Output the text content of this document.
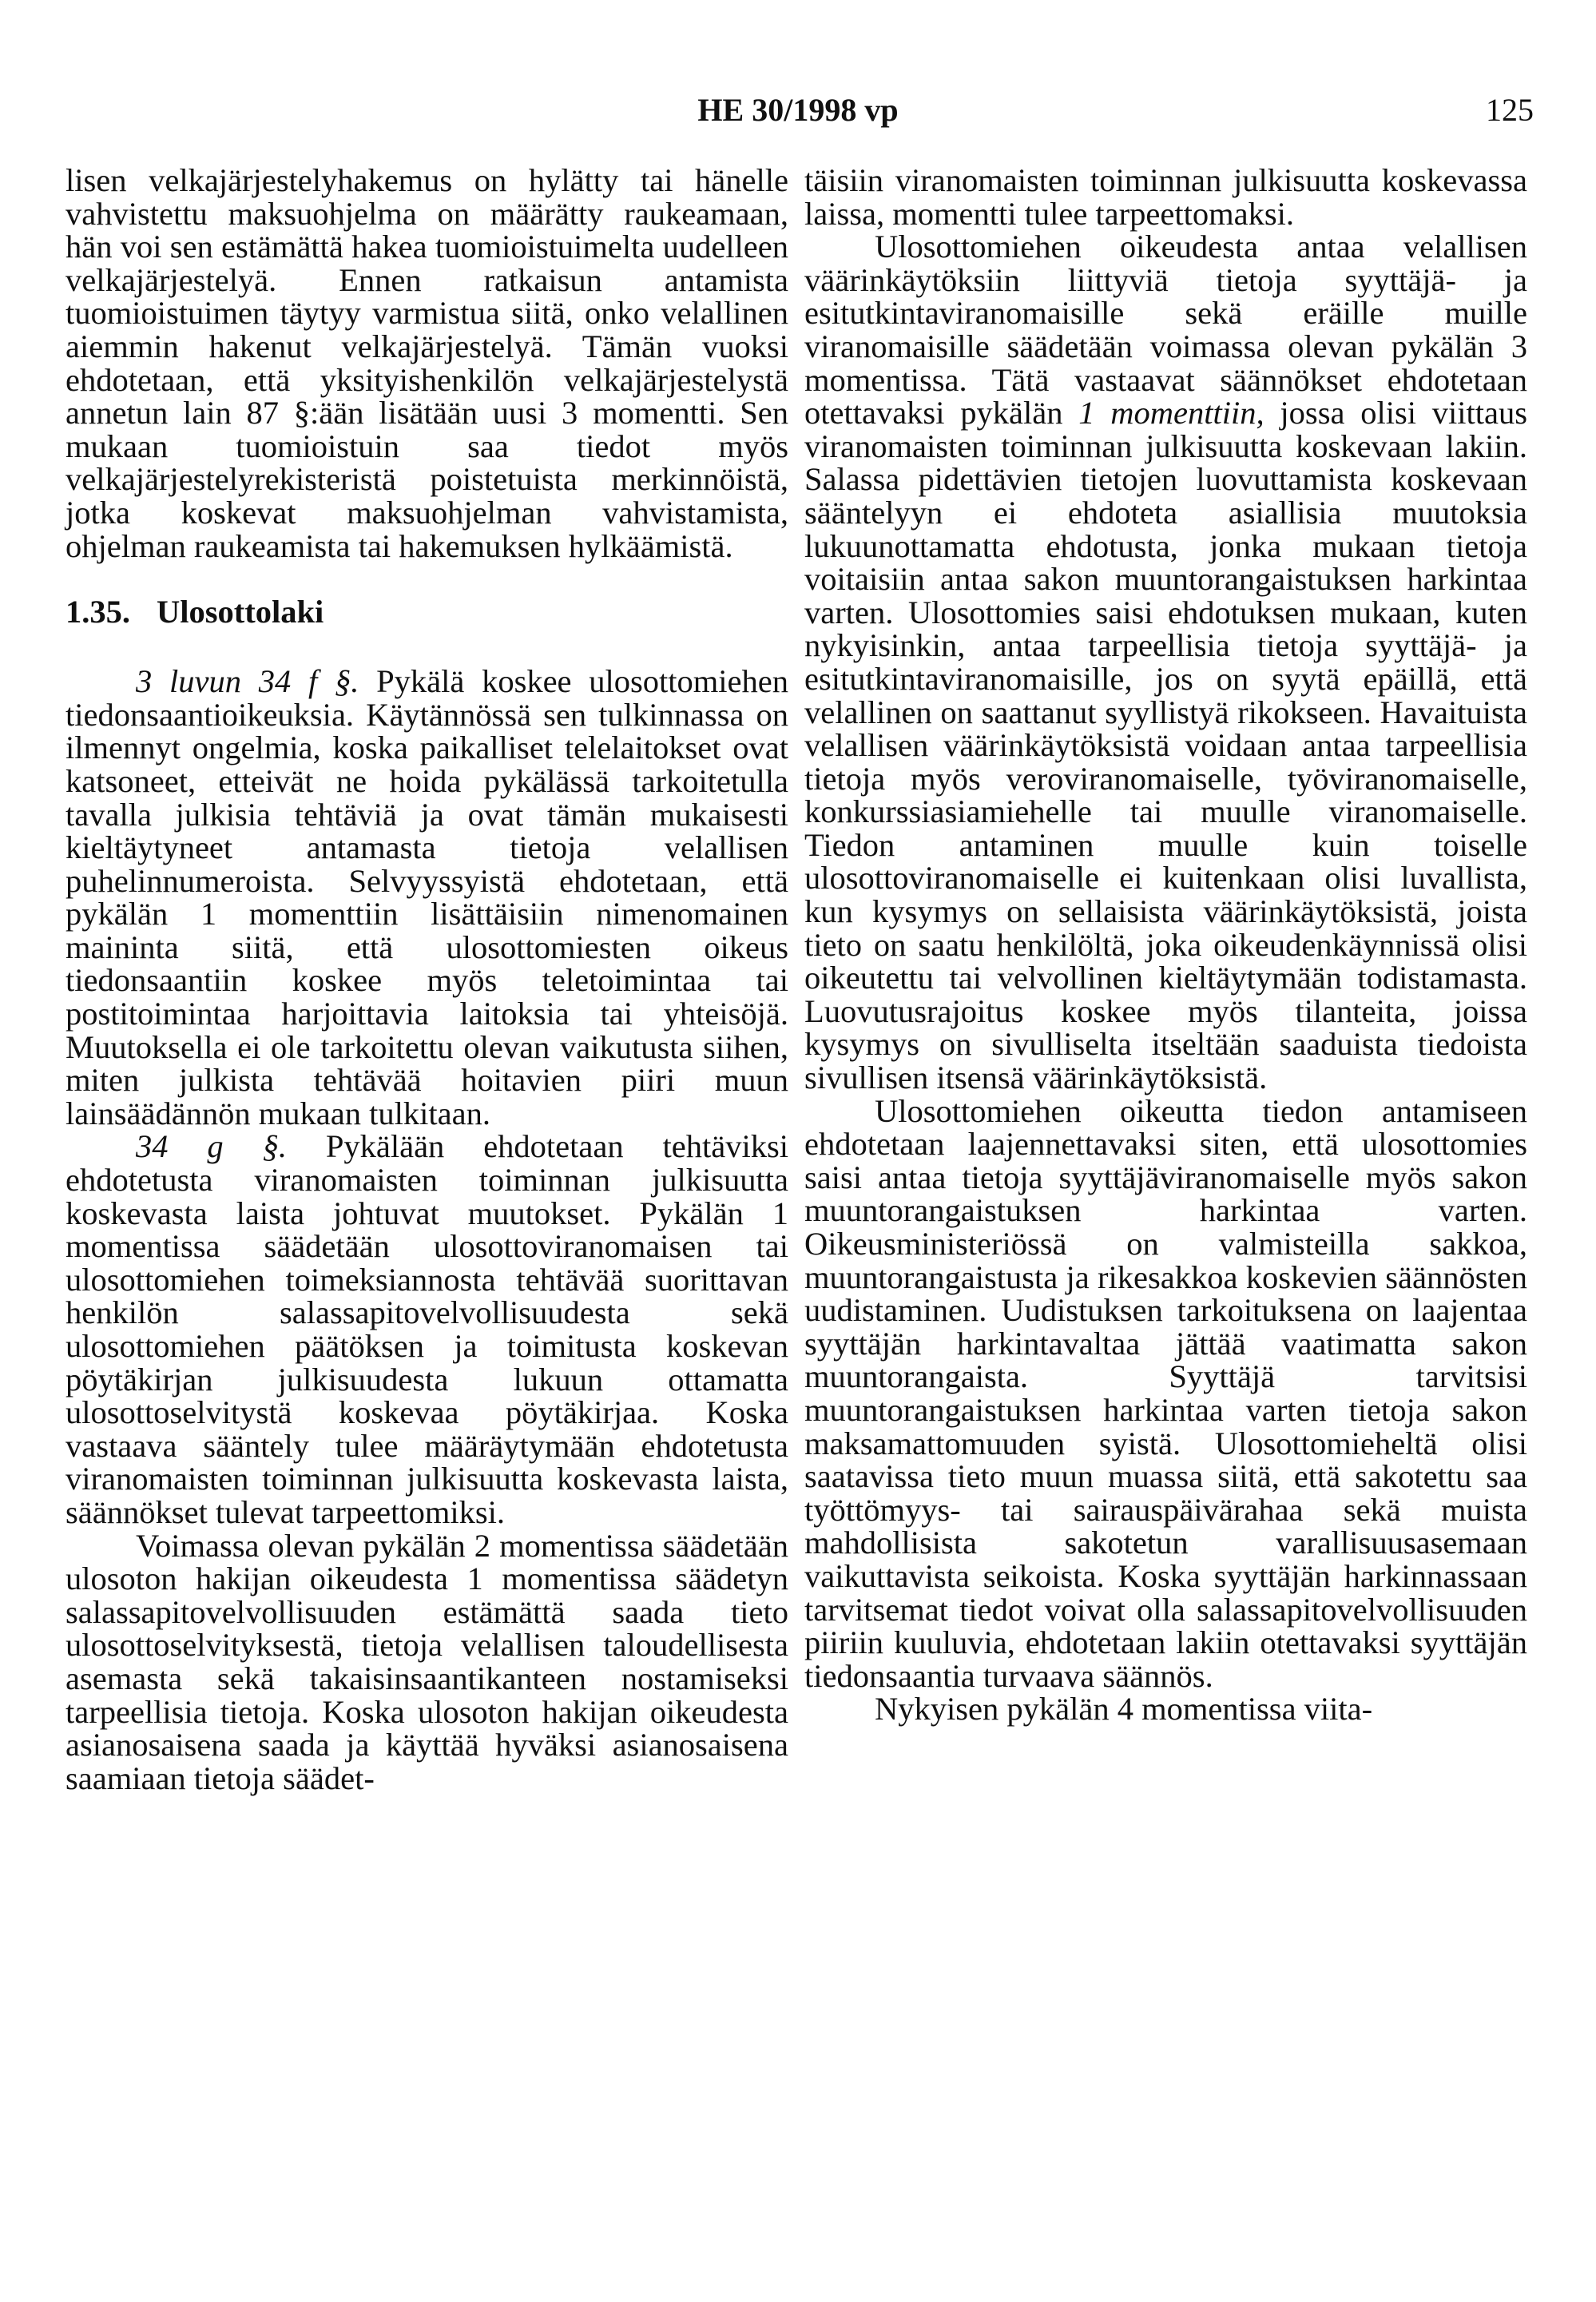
HE 30/1998 vp	125

lisen velkajärjestelyhakemus on hylätty tai hänelle vahvistettu maksuohjelma on määrätty raukeamaan, hän voi sen estämättä hakea tuomioistuimelta uudelleen velkajärjestelyä. Ennen ratkaisun antamista tuomioistuimen täytyy varmistua siitä, onko velallinen aiemmin hakenut velkajärjestelyä. Tämän vuoksi ehdotetaan, että yksityishenkilön velkajärjestelystä annetun lain 87 §:ään lisätään uusi 3 momentti. Sen mukaan tuomioistuin saa tiedot myös velkajärjestelyrekisteristä poistetuista merkinnöistä, jotka koskevat maksuohjelman vahvistamista, ohjelman raukeamista tai hakemuksen hylkäämistä.

1.35. Ulosottolaki

3 luvun 34 f §. Pykälä koskee ulosottomiehen tiedonsaantioikeuksia. Käytännössä sen tulkinnassa on ilmennyt ongelmia, koska paikalliset telelaitokset ovat katsoneet, etteivät ne hoida pykälässä tarkoitetulla tavalla julkisia tehtäviä ja ovat tämän mukaisesti kieltäytyneet antamasta tietoja velallisen puhelinnumeroista. Selvyyssyistä ehdotetaan, että pykälän 1 momenttiin lisättäisiin nimenomainen maininta siitä, että ulosottomiesten oikeus tiedonsaantiin koskee myös teletoimintaa tai postitoimintaa harjoittavia laitoksia tai yhteisöjä. Muutoksella ei ole tarkoitettu olevan vaikutusta siihen, miten julkista tehtävää hoitavien piiri muun lainsäädännön mukaan tulkitaan.

34 g §. Pykälään ehdotetaan tehtäviksi ehdotetusta viranomaisten toiminnan julkisuutta koskevasta laista johtuvat muutokset. Pykälän 1 momentissa säädetään ulosottoviranomaisen tai ulosottomiehen toimeksiannosta tehtävää suorittavan henkilön salassapitovelvollisuudesta sekä ulosottomiehen päätöksen ja toimitusta koskevan pöytäkirjan julkisuudesta lukuun ottamatta ulosottoselvitystä koskevaa pöytäkirjaa. Koska vastaava sääntely tulee määräytymään ehdotetusta viranomaisten toiminnan julkisuutta koskevasta laista, säännökset tulevat tarpeettomiksi.

Voimassa olevan pykälän 2 momentissa säädetään ulosoton hakijan oikeudesta 1 momentissa säädetyn salassapitovelvollisuuden estämättä saada tieto ulosottoselvityksestä, tietoja velallisen taloudellisesta asemasta sekä takaisinsaantikanteen nostamiseksi tarpeellisia tietoja. Koska ulosoton hakijan oikeudesta asianosaisena saada ja käyttää hyväksi asianosaisena saamiaan tietoja säädet-

täisiin viranomaisten toiminnan julkisuutta koskevassa laissa, momentti tulee tarpeettomaksi.

Ulosottomiehen oikeudesta antaa velallisen väärinkäytöksiin liittyviä tietoja syyttäjä- ja esitutkintaviranomaisille sekä eräille muille viranomaisille säädetään voimassa olevan pykälän 3 momentissa. Tätä vastaavat säännökset ehdotetaan otettavaksi pykälän 1 momenttiin, jossa olisi viittaus viranomaisten toiminnan julkisuutta koskevaan lakiin. Salassa pidettävien tietojen luovuttamista koskevaan sääntelyyn ei ehdoteta asiallisia muutoksia lukuunottamatta ehdotusta, jonka mukaan tietoja voitaisiin antaa sakon muuntorangaistuksen harkintaa varten. Ulosottomies saisi ehdotuksen mukaan, kuten nykyisinkin, antaa tarpeellisia tietoja syyttäjä- ja esitutkintaviranomaisille, jos on syytä epäillä, että velallinen on saattanut syyllistyä rikokseen. Havaituista velallisen väärinkäytöksistä voidaan antaa tarpeellisia tietoja myös veroviranomaiselle, työviranomaiselle, konkurssiasiamiehelle tai muulle viranomaiselle. Tiedon antaminen muulle kuin toiselle ulosottoviranomaiselle ei kuitenkaan olisi luvallista, kun kysymys on sellaisista väärinkäytöksistä, joista tieto on saatu henkilöltä, joka oikeudenkäynnissä olisi oikeutettu tai velvollinen kieltäytymään todistamasta. Luovutusrajoitus koskee myös tilanteita, joissa kysymys on sivulliselta itseltään saaduista tiedoista sivullisen itsensä väärinkäytöksistä.

Ulosottomiehen oikeutta tiedon antamiseen ehdotetaan laajennettavaksi siten, että ulosottomies saisi antaa tietoja syyttäjäviranomaiselle myös sakon muuntorangaistuksen harkintaa varten. Oikeusministeriössä on valmisteilla sakkoa, muuntorangaistusta ja rikesakkoa koskevien säännösten uudistaminen. Uudistuksen tarkoituksena on laajentaa syyttäjän harkintavaltaa jättää vaatimatta sakon muuntorangaista. Syyttäjä tarvitsisi muuntorangaistuksen harkintaa varten tietoja sakon maksamattomuuden syistä. Ulosottomieheltä olisi saatavissa tieto muun muassa siitä, että sakotettu saa työttömyys- tai sairauspäivärahaa sekä muista mahdollisista sakotetun varallisuusasemaan vaikuttavista seikoista. Koska syyttäjän harkinnassaan tarvitsemat tiedot voivat olla salassapitovelvollisuuden piiriin kuuluvia, ehdotetaan lakiin otettavaksi syyttäjän tiedonsaantia turvaava säännös.

Nykyisen pykälän 4 momentissa viita-
